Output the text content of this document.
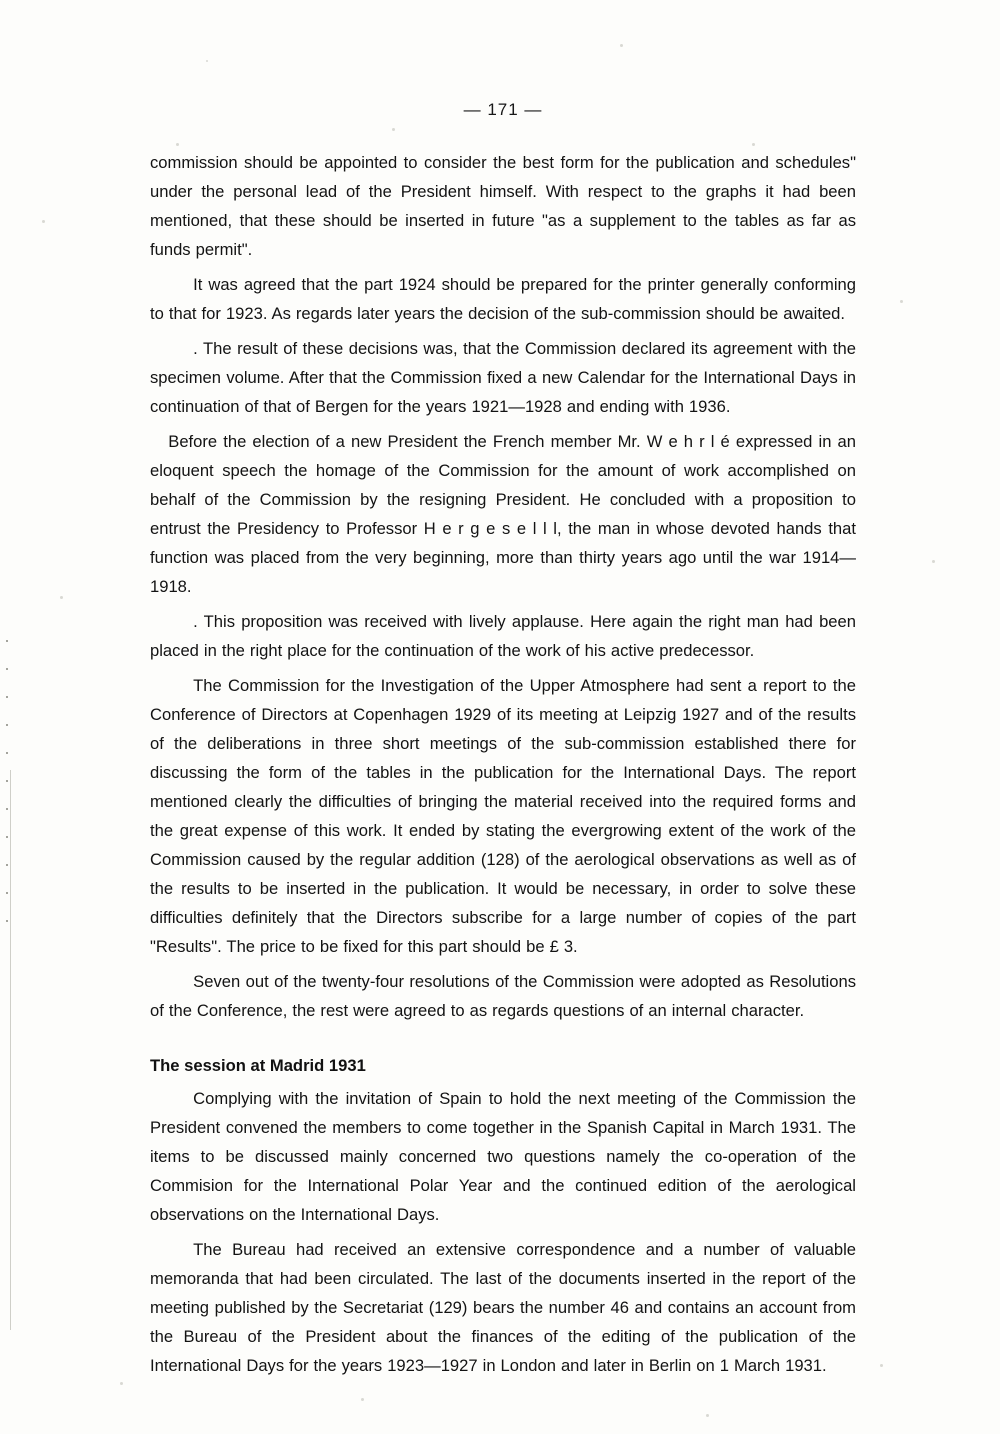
— 171 —

commission should be appointed to consider the best form for the publication and schedules" under the personal lead of the President himself. With respect to the graphs it had been mentioned, that these should be inserted in future "as a supplement to the tables as far as funds permit".

It was agreed that the part 1924 should be prepared for the printer generally conforming to that for 1923. As regards later years the decision of the sub-commission should be awaited.

. The result of these decisions was, that the Commission declared its agreement with the specimen volume. After that the Commission fixed a new Calendar for the International Days in continuation of that of Bergen for the years 1921—1928 and ending with 1936.

Before the election of a new President the French member Mr. W e h r l é expressed in an eloquent speech the homage of the Commission for the amount of work accomplished on behalf of the Commission by the resigning President. He concluded with a proposition to entrust the Presidency to Professor H e r g e s e l l l, the man in whose devoted hands that function was placed from the very beginning, more than thirty years ago until the war 1914—1918.

. This proposition was received with lively applause. Here again the right man had been placed in the right place for the continuation of the work of his active predecessor.

The Commission for the Investigation of the Upper Atmosphere had sent a report to the Conference of Directors at Copenhagen 1929 of its meeting at Leipzig 1927 and of the results of the deliberations in three short meetings of the sub-commission established there for discussing the form of the tables in the publication for the International Days. The report mentioned clearly the difficulties of bringing the material received into the required forms and the great expense of this work. It ended by stating the evergrowing extent of the work of the Commission caused by the regular addition (128) of the aerological observations as well as of the results to be inserted in the publication. It would be necessary, in order to solve these difficulties definitely that the Directors subscribe for a large number of copies of the part "Results". The price to be fixed for this part should be £ 3.

Seven out of the twenty-four resolutions of the Commission were adopted as Resolutions of the Conference, the rest were agreed to as regards questions of an internal character.

The session at Madrid 1931

Complying with the invitation of Spain to hold the next meeting of the Commission the President convened the members to come together in the Spanish Capital in March 1931. The items to be discussed mainly concerned two questions namely the co-operation of the Commision for the International Polar Year and the continued edition of the aerological observations on the International Days.

The Bureau had received an extensive correspondence and a number of valuable memoranda that had been circulated. The last of the documents inserted in the report of the meeting published by the Secretariat (129) bears the number 46 and contains an account from the Bureau of the President about the finances of the editing of the publication of the International Days for the years 1923—1927 in London and later in Berlin on 1 March 1931.
